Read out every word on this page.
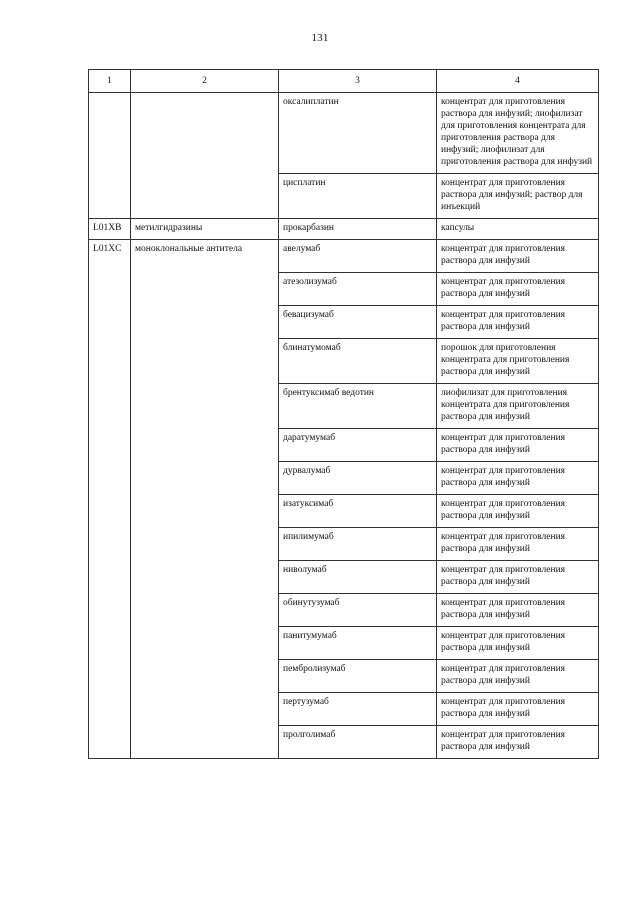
131
1	2	3	4
		оксалиплатин	концентрат для приготовления раствора для инфузий; лиофилизат для приготовления концентрата для приготовления раствора для инфузий; лиофилизат для приготовления раствора для инфузий
		цисплатин	концентрат для приготовления раствора для инфузий; раствор для инъекций
L01XB	метилгидразины	прокарбазин	капсулы
L01XC	моноклональные антитела	авелумаб	концентрат для приготовления раствора для инфузий
		атезолизумаб	концентрат для приготовления раствора для инфузий
		бевацизумаб	концентрат для приготовления раствора для инфузий
		блинатумомаб	порошок для приготовления концентрата для приготовления раствора для инфузий
		брентуксимаб ведотин	лиофилизат для приготовления концентрата для приготовления раствора для инфузий
		даратумумаб	концентрат для приготовления раствора для инфузий
		дурвалумаб	концентрат для приготовления раствора для инфузий
		изатуксимаб	концентрат для приготовления раствора для инфузий
		ипилимумаб	концентрат для приготовления раствора для инфузий
		ниволумаб	концентрат для приготовления раствора для инфузий
		обинутузумаб	концентрат для приготовления раствора для инфузий
		панитумумаб	концентрат для приготовления раствора для инфузий
		пембролизумаб	концентрат для приготовления раствора для инфузий
		пертузумаб	концентрат для приготовления раствора для инфузий
		пролголимаб	концентрат для приготовления раствора для инфузий
